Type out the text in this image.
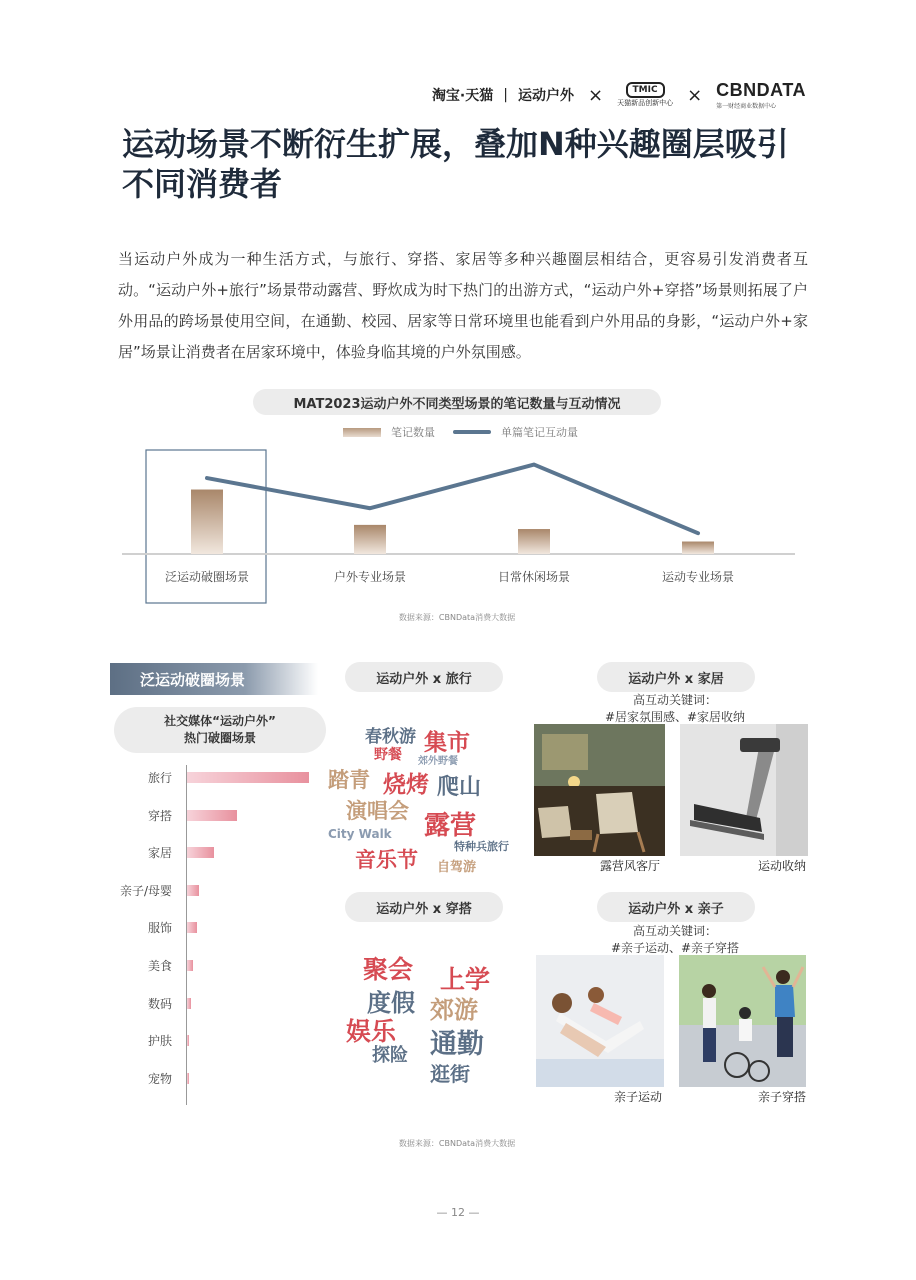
淘宝·天猫 | 运动户外 ×	TMIC
天猫新品创新中心 × CBNDATA
第一财经商业数据中心
运动场景不断衍生扩展，叠加N种兴趣圈层吸引不同消费者
当运动户外成为一种生活方式，与旅行、穿搭、家居等多种兴趣圈层相结合，更容易引发消费者互动。“运动户外+旅行”场景带动露营、野炊成为时下热门的出游方式，“运动户外+穿搭”场景则拓展了户外用品的跨场景使用空间，在通勤、校园、居家等日常环境里也能看到户外用品的身影，“运动户外+家居”场景让消费者在居家环境中，体验身临其境的户外氛围感。
MAT2023运动户外不同类型场景的笔记数量与互动情况
笔记数量	单篇笔记互动量
泛运动破圈场景	户外专业场景	日常休闲场景	运动专业场景
数据来源：CBNData消费大数据
泛运动破圈场景
社交媒体“运动户外”
热门破圈场景
旅行
穿搭
家居
亲子/母婴
服饰
美食
数码
护肤
宠物
运动户外 x 旅行
春秋游 集市
野餐 郊外野餐
踏青 烧烤 爬山
演唱会 露营
City Walk
特种兵旅行
音乐节 自驾游
运动户外 x 穿搭
聚会 上学
度假 郊游
娱乐 通勤
探险
逛街
运动户外 x 家居
高互动关键词：
#居家氛围感、#家居收纳
露营风客厅	运动收纳
运动户外 x 亲子
高互动关键词：
#亲子运动、#亲子穿搭
亲子运动	亲子穿搭
数据来源：CBNData消费大数据
— 12 —
